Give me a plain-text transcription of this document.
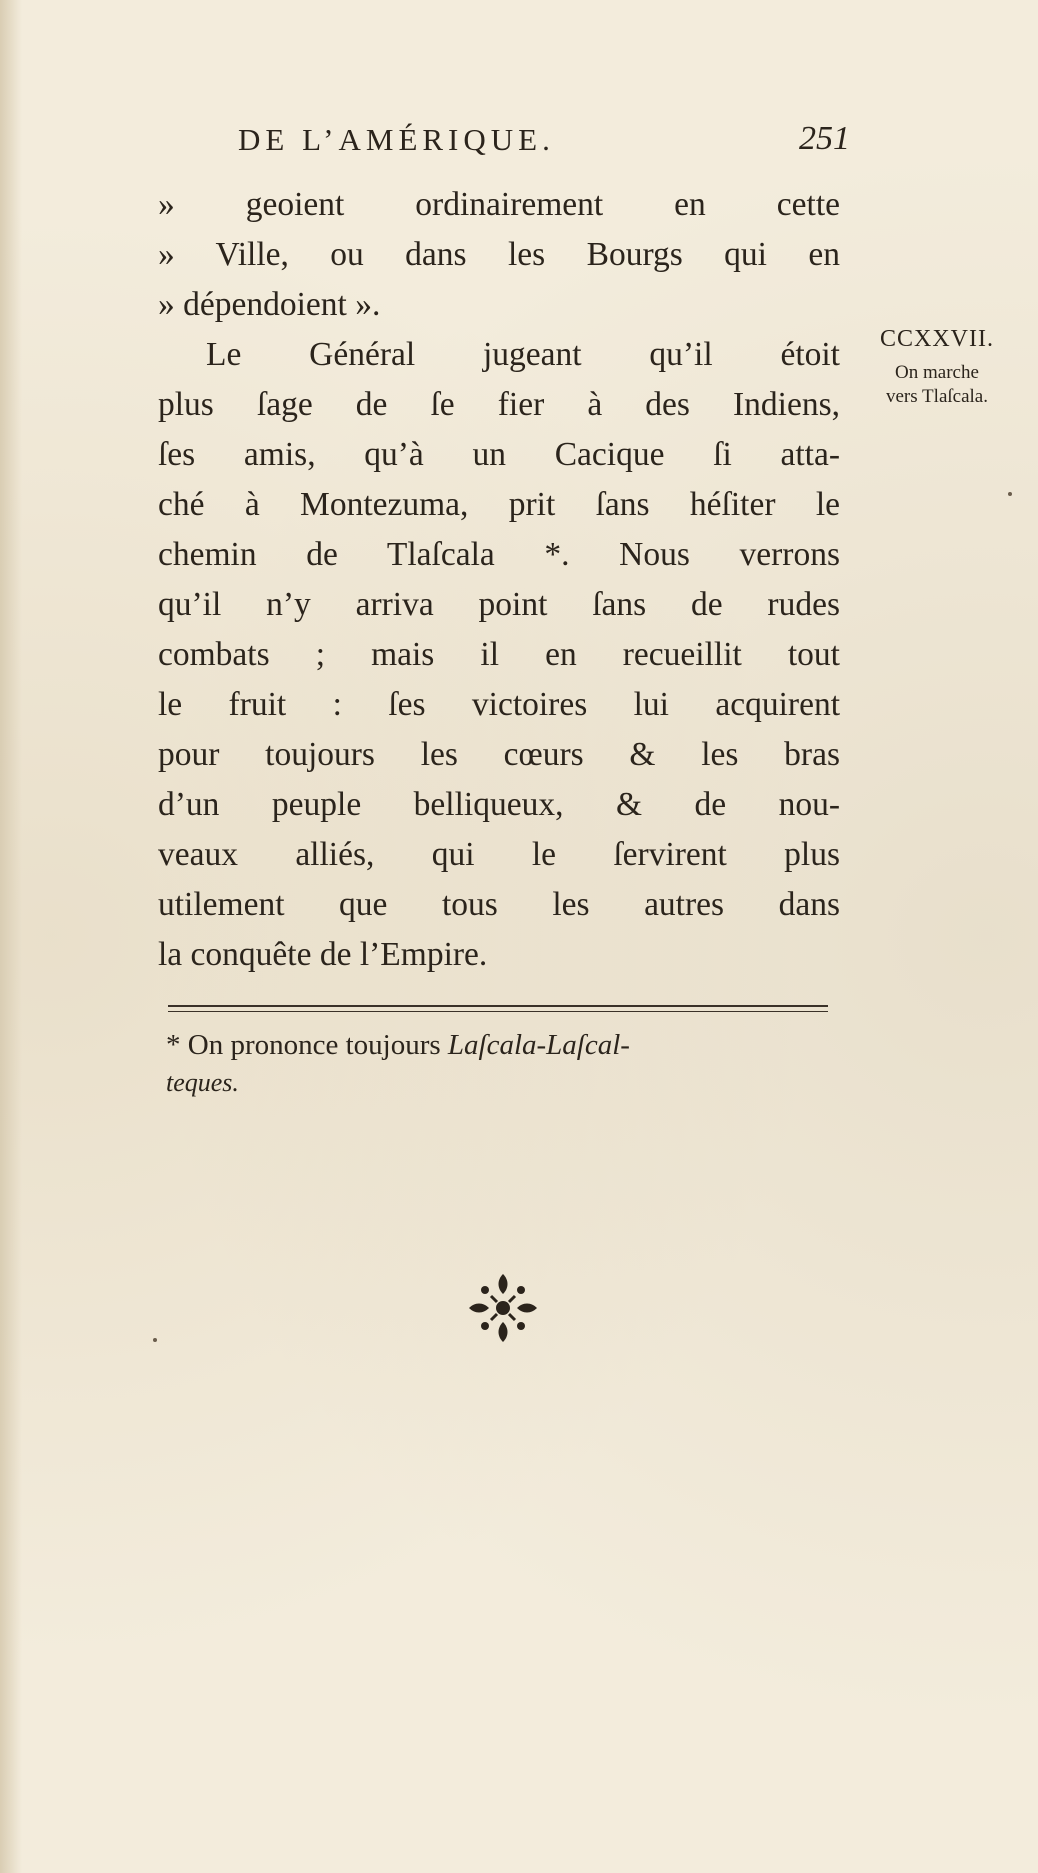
DE L’AMÉRIQUE.	251
» geoient ordinairement en cette
» Ville, ou dans les Bourgs qui en
» dépendoient ».
Le Général jugeant qu’il étoit
plus ſage de ſe fier à des Indiens,
ſes amis, qu’à un Cacique ſi atta-
ché à Montezuma, prit ſans héſiter le
chemin de Tlaſcala *. Nous verrons
qu’il n’y arriva point ſans de rudes
combats ; mais il en recueillit tout
le fruit : ſes victoires lui acquirent
pour toujours les cœurs & les bras
d’un peuple belliqueux, & de nou-
veaux alliés, qui le ſervirent plus
utilement que tous les autres dans
la conquête de l’Empire.
CCXXVII.
On marche
vers Tlaſcala.
* On prononce toujours Laſcala-Laſcal-
teques.
